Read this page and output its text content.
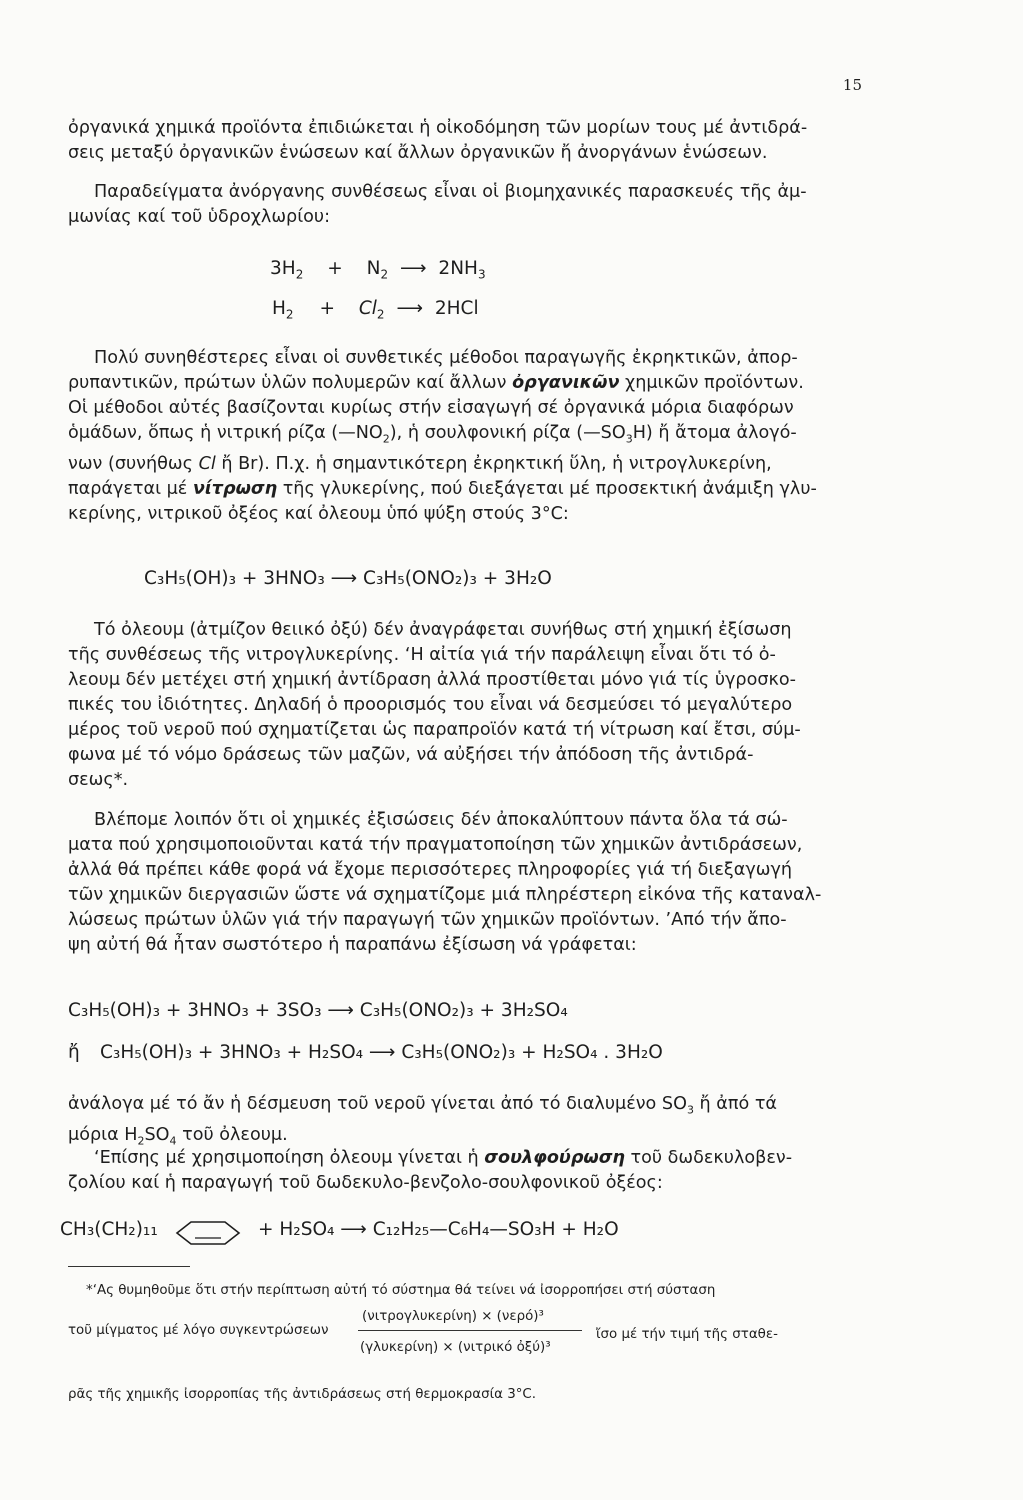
15
ὀργανικά χημικά προϊόντα ἐπιδιώκεται ἡ οἰκοδόμηση τῶν μορίων τους μέ ἀντιδρά-
σεις μεταξύ ὀργανικῶν ἑνώσεων καί ἄλλων ὀργανικῶν ἤ ἀνοργάνων ἑνώσεων.
Παραδείγματα ἀνόργανης συνθέσεως εἶναι οἱ βιομηχανικές παρασκευές τῆς ἀμ-
μωνίας καί τοῦ ὑδροχλωρίου:
$3H_2 + N_2$ ⟶ $2NH_3$
$H_2 + Cl_2$ ⟶ 2HCl
Πολύ συνηθέστερες εἶναι οἱ συνθετικές μέθοδοι παραγωγῆς ἐκρηκτικῶν, ἀπορ-
ρυπαντικῶν, πρώτων ὑλῶν πολυμερῶν καί ἄλλων ὀργανικῶν χημικῶν προϊόντων.
Οἱ μέθοδοι αὐτές βασίζονται κυρίως στήν εἰσαγωγή σέ ὀργανικά μόρια διαφόρων
ὁμάδων, ὅπως ἡ νιτρική ρίζα $(—NO_2)$, ἡ σουλφονική ρίζα $(—SO_3H)$ ἤ ἄτομα ἀλογό-
νων (συνήθως Cl ἤ Br). Π.χ. ἡ σημαντικότερη ἐκρηκτική ὕλη, ἡ νιτρογλυκερίνη,
παράγεται μέ νίτρωση τῆς γλυκερίνης, πού διεξάγεται μέ προσεκτική ἀνάμιξη γλυ-
κερίνης, νιτρικοῦ ὀξέος καί ὀλεουμ ὑπό ψύξη στούς 3°C:
C₃H₅(OH)₃ + 3HNO₃ ⟶ C₃H₅(ONO₂)₃ + 3H₂O
Τό ὀλεουμ (ἀτμίζον θειικό ὀξύ) δέν ἀναγράφεται συνήθως στή χημική ἐξίσωση
τῆς συνθέσεως τῆς νιτρογλυκερίνης. ‘Η αἰτία γιά τήν παράλειψη εἶναι ὅτι τό ὀ-
λεουμ δέν μετέχει στή χημική ἀντίδραση ἀλλά προστίθεται μόνο γιά τίς ὑγροσκο-
πικές του ἰδιότητες. Δηλαδή ὁ προορισμός του εἶναι νά δεσμεύσει τό μεγαλύτερο
μέρος τοῦ νεροῦ πού σχηματίζεται ὡς παραπροϊόν κατά τή νίτρωση καί ἔτσι, σύμ-
φωνα μέ τό νόμο δράσεως τῶν μαζῶν, νά αὐξήσει τήν ἀπόδοση τῆς ἀντιδρά-
σεως*.
Βλέπομε λοιπόν ὅτι οἱ χημικές ἐξισώσεις δέν ἀποκαλύπτουν πάντα ὅλα τά σώ-
ματα πού χρησιμοποιοῦνται κατά τήν πραγματοποίηση τῶν χημικῶν ἀντιδράσεων,
ἀλλά θά πρέπει κάθε φορά νά ἔχομε περισσότερες πληροφορίες γιά τή διεξαγωγή
τῶν χημικῶν διεργασιῶν ὥστε νά σχηματίζομε μιά πληρέστερη εἰκόνα τῆς καταναλ-
λώσεως πρώτων ὑλῶν γιά τήν παραγωγή τῶν χημικῶν προϊόντων. ’Από τήν ἄπο-
ψη αὐτή θά ἦταν σωστότερο ἡ παραπάνω ἐξίσωση νά γράφεται:
C₃H₅(OH)₃ + 3HNO₃ + 3SO₃ ⟶ C₃H₅(ONO₂)₃ + 3H₂SO₄
ἤ C₃H₅(OH)₃ + 3HNO₃ + H₂SO₄ ⟶ C₃H₅(ONO₂)₃ + H₂SO₄ . 3H₂O
ἀνάλογα μέ τό ἄν ἡ δέσμευση τοῦ νεροῦ γίνεται ἀπό τό διαλυμένο $SO_3$ ἤ ἀπό τά
μόρια $H_2SO_4$ τοῦ ὀλεουμ.
‘Επίσης μέ χρησιμοποίηση ὀλεουμ γίνεται ἡ σουλφούρωση τοῦ δωδεκυλοβεν-
ζολίου καί ἡ παραγωγή τοῦ δωδεκυλο-βενζολο-σουλφονικοῦ ὀξέος:
CH₃(CH₂)₁₁	+ H₂SO₄ ⟶ C₁₂H₂₅—C₆H₄—SO₃H + H₂O
*‘Ας θυμηθοῦμε ὅτι στήν περίπτωση αὐτή τό σύστημα θά τείνει νά ἰσορροπήσει στή σύσταση
(νιτρογλυκερίνη) × (νερό)³
τοῦ μίγματος μέ λόγο συγκεντρώσεων	ἴσο μέ τήν τιμή τῆς σταθε-
(γλυκερίνη) × (νιτρικό ὀξύ)³
ρᾶς τῆς χημικῆς ἰσορροπίας τῆς ἀντιδράσεως στή θερμοκρασία 3°C.
